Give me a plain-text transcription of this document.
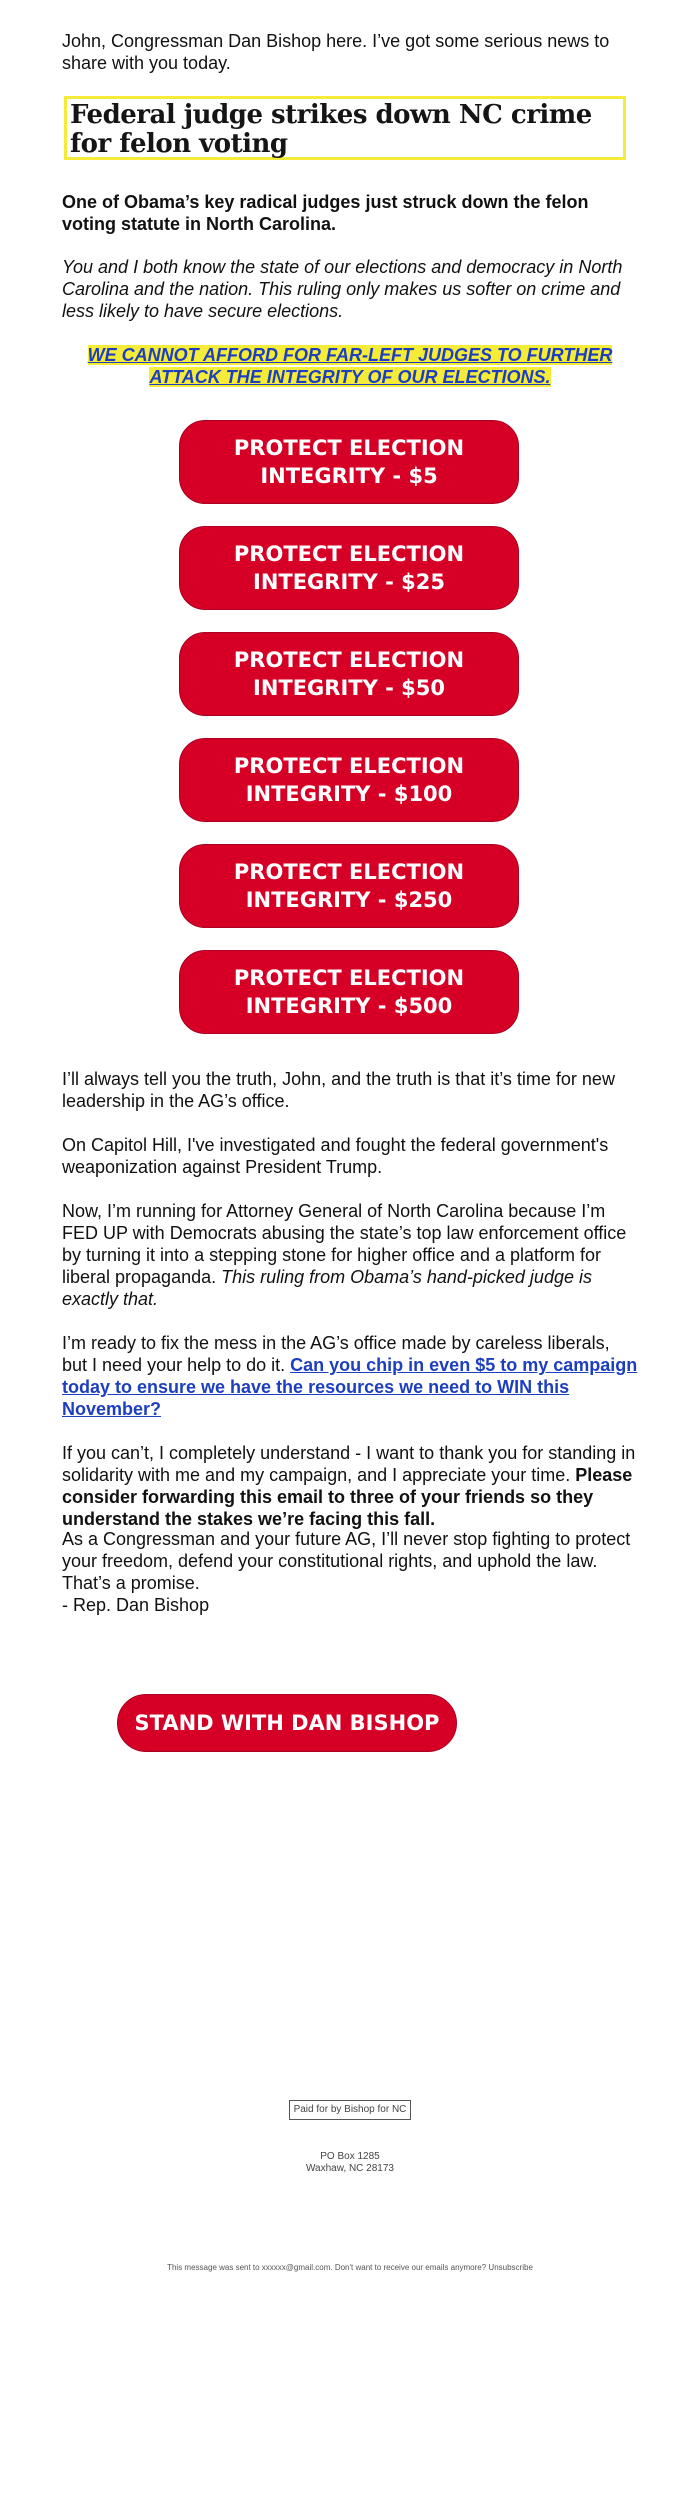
John, Congressman Dan Bishop here. I’ve got some serious news to share with you today.

Federal judge strikes down NC crime for felon voting

One of Obama’s key radical judges just struck down the felon voting statute in North Carolina.

You and I both know the state of our elections and democracy in North Carolina and the nation. This ruling only makes us softer on crime and less likely to have secure elections.

WE CANNOT AFFORD FOR FAR-LEFT JUDGES TO FURTHER ATTACK THE INTEGRITY OF OUR ELECTIONS.
PROTECT ELECTION INTEGRITY - $5
PROTECT ELECTION INTEGRITY - $25
PROTECT ELECTION INTEGRITY - $50
PROTECT ELECTION INTEGRITY - $100
PROTECT ELECTION INTEGRITY - $250
PROTECT ELECTION INTEGRITY - $500

I’ll always tell you the truth, John, and the truth is that it’s time for new leadership in the AG’s office.

On Capitol Hill, I've investigated and fought the federal government's weaponization against President Trump.

Now, I’m running for Attorney General of North Carolina because I’m FED UP with Democrats abusing the state’s top law enforcement office by turning it into a stepping stone for higher office and a platform for liberal propaganda. This ruling from Obama’s hand-picked judge is exactly that.

I’m ready to fix the mess in the AG’s office made by careless liberals, but I need your help to do it. Can you chip in even $5 to my campaign today to ensure we have the resources we need to WIN this November?

If you can’t, I completely understand - I want to thank you for standing in solidarity with me and my campaign, and I appreciate your time. Please consider forwarding this email to three of your friends so they understand the stakes we’re facing this fall.

As a Congressman and your future AG, I’ll never stop fighting to protect your freedom, defend your constitutional rights, and uphold the law. That’s a promise.

- Rep. Dan Bishop

STAND WITH DAN BISHOP
Paid for by Bishop for NC
PO Box 1285
Waxhaw, NC 28173
This message was sent to xxxxxx@gmail.com. Don't want to receive our emails anymore? Unsubscribe
